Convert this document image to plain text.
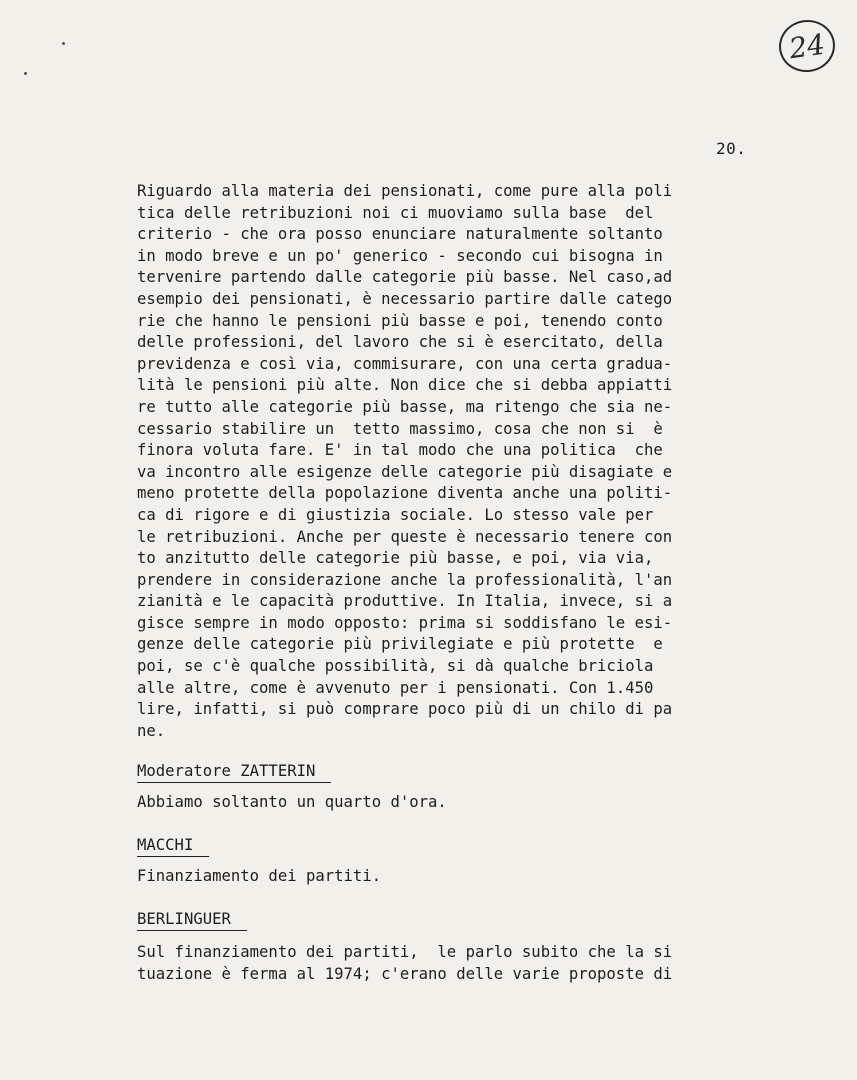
24
20.
Riguardo alla materia dei pensionati, come pure alla poli
tica delle retribuzioni noi ci muoviamo sulla base  del
criterio - che ora posso enunciare naturalmente soltanto
in modo breve e un po' generico - secondo cui bisogna in
tervenire partendo dalle categorie più basse. Nel caso,ad
esempio dei pensionati, è necessario partire dalle catego
rie che hanno le pensioni più basse e poi, tenendo conto
delle professioni, del lavoro che si è esercitato, della
previdenza e così via, commisurare, con una certa gradua-
lità le pensioni più alte. Non dice che si debba appiatti
re tutto alle categorie più basse, ma ritengo che sia ne-
cessario stabilire un  tetto massimo, cosa che non si  è
finora voluta fare. E' in tal modo che una politica  che
va incontro alle esigenze delle categorie più disagiate e
meno protette della popolazione diventa anche una politi-
ca di rigore e di giustizia sociale. Lo stesso vale per
le retribuzioni. Anche per queste è necessario tenere con
to anzitutto delle categorie più basse, e poi, via via,
prendere in considerazione anche la professionalità, l'an
zianità e le capacità produttive. In Italia, invece, si a
gisce sempre in modo opposto: prima si soddisfano le esi-
genze delle categorie più privilegiate e più protette  e
poi, se c'è qualche possibilità, si dà qualche briciola
alle altre, come è avvenuto per i pensionati. Con 1.450
lire, infatti, si può comprare poco più di un chilo di pa
ne.
Moderatore ZATTERIN
Abbiamo soltanto un quarto d'ora.
MACCHI
Finanziamento dei partiti.
BERLINGUER
Sul finanziamento dei partiti,  le parlo subito che la si
tuazione è ferma al 1974; c'erano delle varie proposte di
